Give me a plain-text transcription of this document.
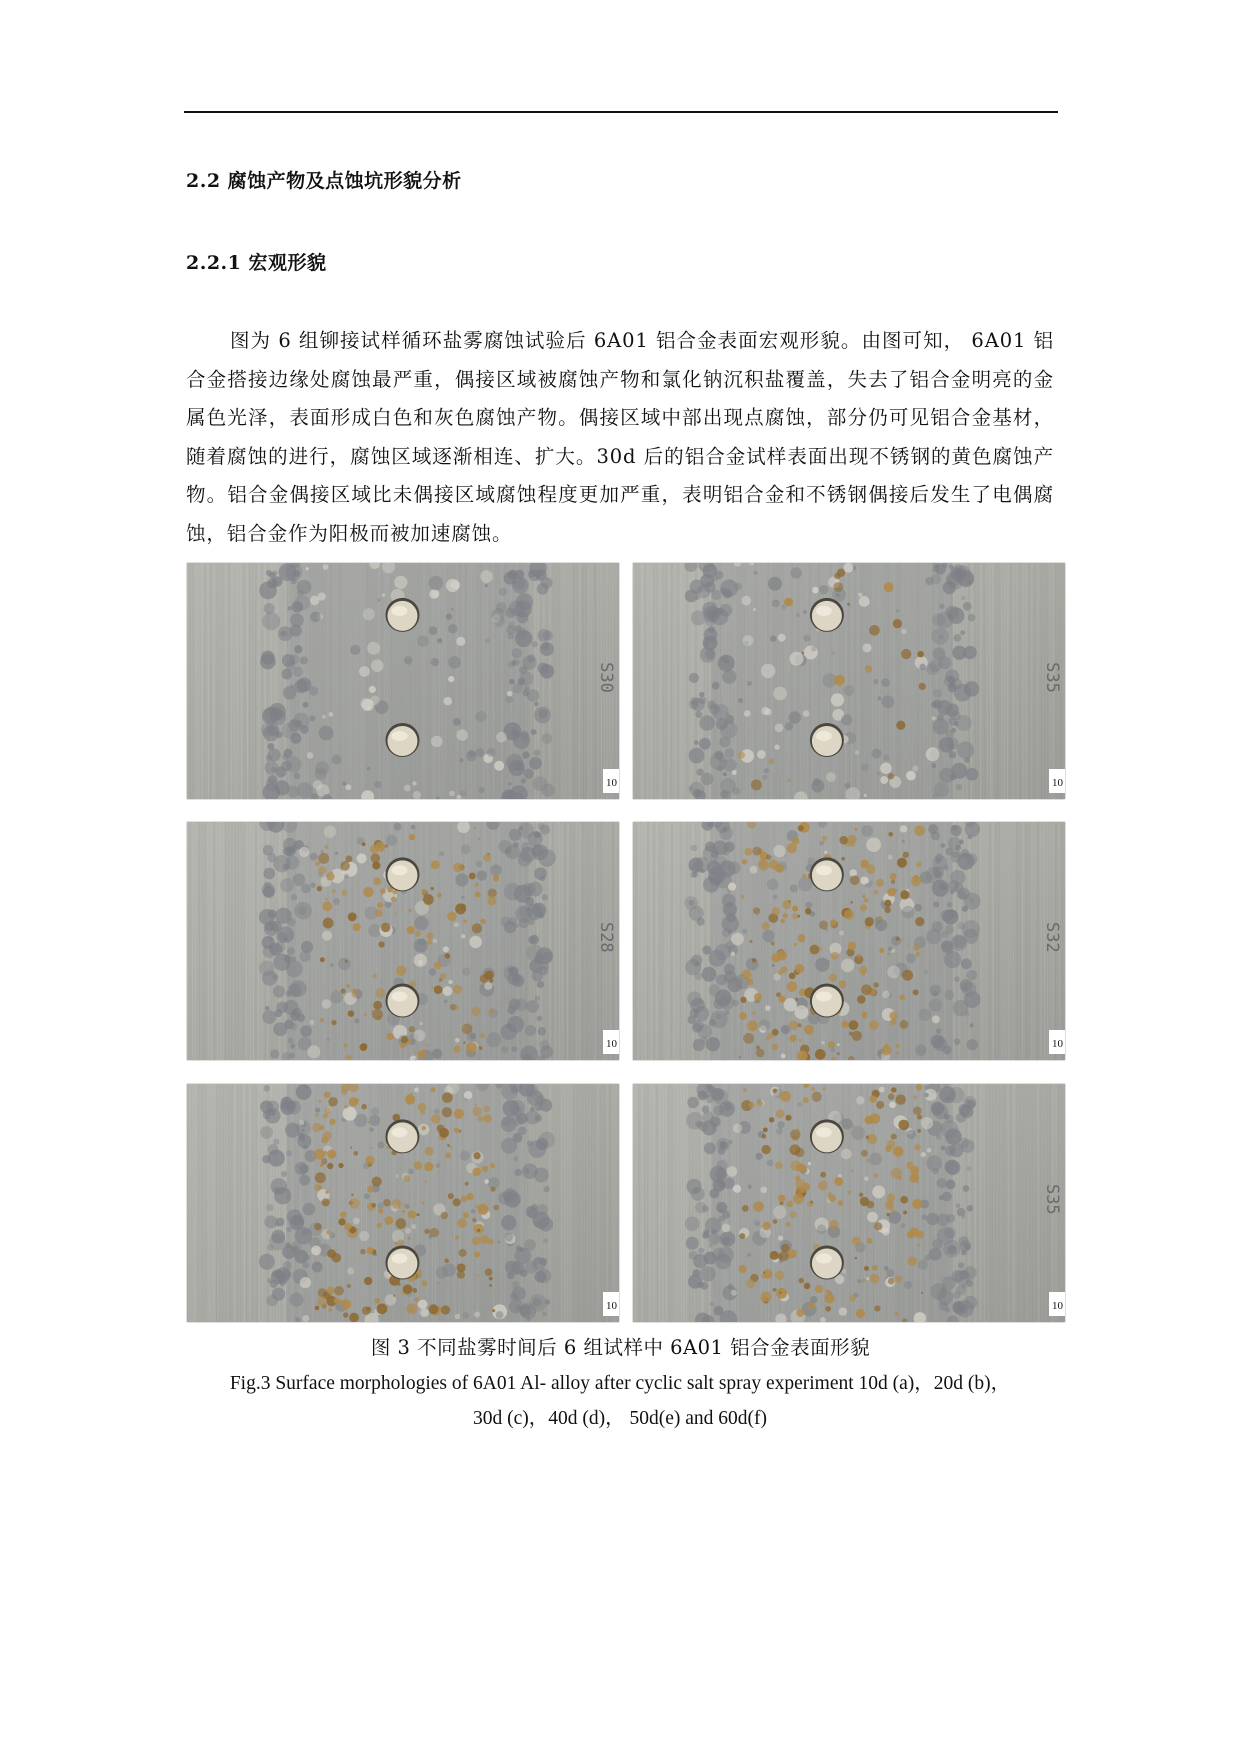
2.2 腐蚀产物及点蚀坑形貌分析
2.2.1 宏观形貌
图为 6 组铆接试样循环盐雾腐蚀试验后 6A01 铝合金表面宏观形貌。由图可知， 6A01 铝合金搭接边缘处腐蚀最严重，偶接区域被腐蚀产物和氯化钠沉积盐覆盖，失去了铝合金明亮的金属色光泽，表面形成白色和灰色腐蚀产物。偶接区域中部出现点腐蚀，部分仍可见铝合金基材，随着腐蚀的进行，腐蚀区域逐渐相连、扩大。30d 后的铝合金试样表面出现不锈钢的黄色腐蚀产物。铝合金偶接区域比未偶接区域腐蚀程度更加严重，表明铝合金和不锈钢偶接后发生了电偶腐蚀，铝合金作为阳极而被加速腐蚀。
S30
10
S35
10
S28
10
S32
10
10
S35
10
图 3 不同盐雾时间后 6 组试样中 6A01 铝合金表面形貌
Fig.3 Surface morphologies of 6A01 Al- alloy after cyclic salt spray experiment 10d (a)，20d (b)，
30d (c)，40d (d)， 50d(e) and 60d(f)
